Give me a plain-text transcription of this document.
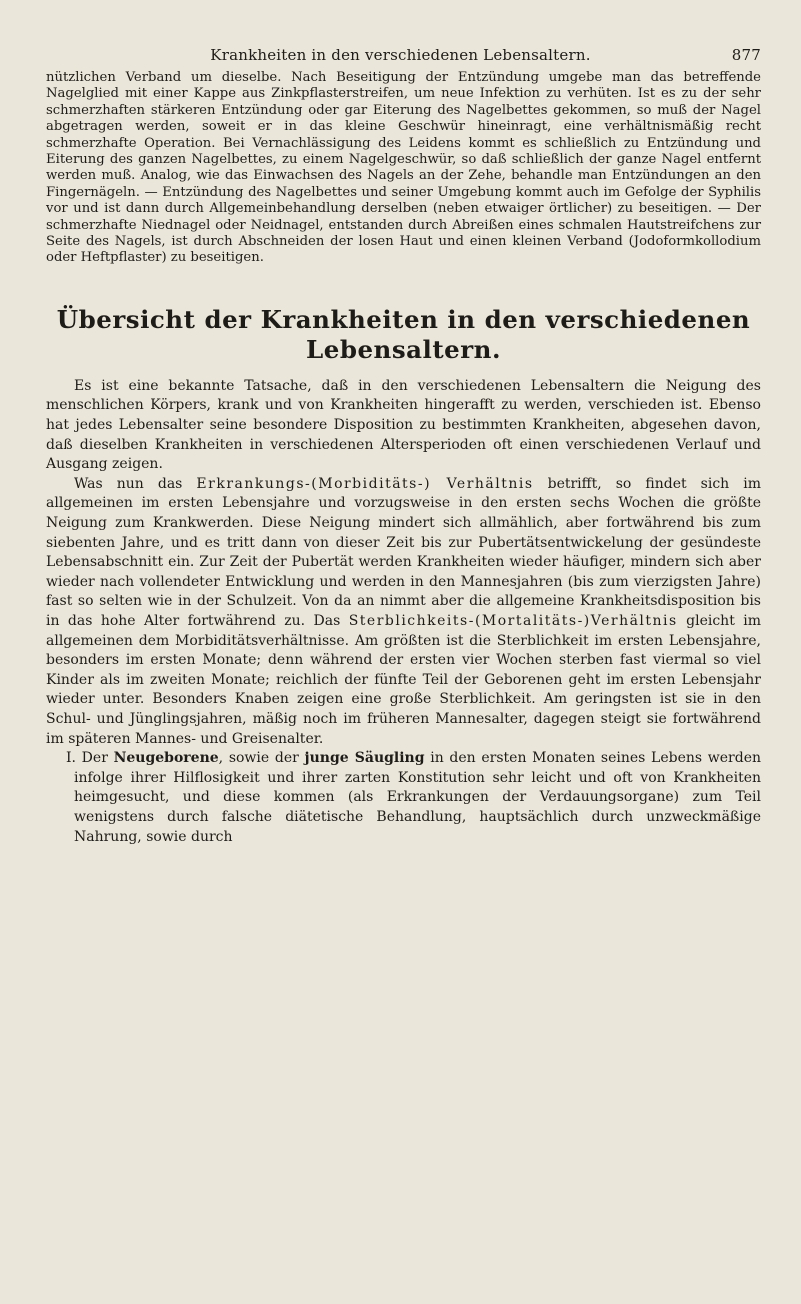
Krankheiten in den verschiedenen Lebensaltern.	877

nützlichen Verband um dieselbe. Nach Beseitigung der Entzündung umgebe man das betreffende Nagelglied mit einer Kappe aus Zinkpflasterstreifen, um neue Infektion zu verhüten. Ist es zu der sehr schmerzhaften stärkeren Entzündung oder gar Eiterung des Nagelbettes gekommen, so muß der Nagel abgetragen werden, soweit er in das kleine Geschwür hineinragt, eine verhältnismäßig recht schmerzhafte Operation. Bei Vernachlässigung des Leidens kommt es schließlich zu Entzündung und Eiterung des ganzen Nagelbettes, zu einem Nagelgeschwür, so daß schließlich der ganze Nagel entfernt werden muß. Analog, wie das Einwachsen des Nagels an der Zehe, behandle man Entzündungen an den Fingernägeln. — Entzündung des Nagelbettes und seiner Umgebung kommt auch im Gefolge der Syphilis vor und ist dann durch Allgemeinbehandlung derselben (neben etwaiger örtlicher) zu beseitigen. — Der schmerzhafte Niednagel oder Neidnagel, entstanden durch Abreißen eines schmalen Hautstreifchens zur Seite des Nagels, ist durch Abschneiden der losen Haut und einen kleinen Verband (Jodoformkollodium oder Heftpflaster) zu beseitigen.

Übersicht der Krankheiten in den verschiedenen
Lebensaltern.

Es ist eine bekannte Tatsache, daß in den verschiedenen Lebensaltern die Neigung des menschlichen Körpers, krank und von Krankheiten hingerafft zu werden, verschieden ist. Ebenso hat jedes Lebensalter seine besondere Disposition zu bestimmten Krankheiten, abgesehen davon, daß dieselben Krankheiten in verschiedenen Altersperioden oft einen verschiedenen Verlauf und Ausgang zeigen.

Was nun das Erkrankungs-(Morbiditäts-) Verhältnis betrifft, so findet sich im allgemeinen im ersten Lebensjahre und vorzugsweise in den ersten sechs Wochen die größte Neigung zum Krankwerden. Diese Neigung mindert sich allmählich, aber fortwährend bis zum siebenten Jahre, und es tritt dann von dieser Zeit bis zur Pubertätsentwickelung der gesündeste Lebensabschnitt ein. Zur Zeit der Pubertät werden Krankheiten wieder häufiger, mindern sich aber wieder nach vollendeter Entwicklung und werden in den Mannesjahren (bis zum vierzigsten Jahre) fast so selten wie in der Schulzeit. Von da an nimmt aber die allgemeine Krankheitsdisposition bis in das hohe Alter fortwährend zu. Das Sterblichkeits-(Mortalitäts-)Verhältnis gleicht im allgemeinen dem Morbiditätsverhältnisse. Am größten ist die Sterblichkeit im ersten Lebensjahre, besonders im ersten Monate; denn während der ersten vier Wochen sterben fast viermal so viel Kinder als im zweiten Monate; reichlich der fünfte Teil der Geborenen geht im ersten Lebensjahr wieder unter. Besonders Knaben zeigen eine große Sterblichkeit. Am geringsten ist sie in den Schul- und Jünglingsjahren, mäßig noch im früheren Mannesalter, dagegen steigt sie fortwährend im späteren Mannes- und Greisenalter.

I. Der Neugeborene, sowie der junge Säugling in den ersten Monaten seines Lebens werden infolge ihrer Hilflosigkeit und ihrer zarten Konstitution sehr leicht und oft von Krankheiten heimgesucht, und diese kommen (als Erkrankungen der Verdauungsorgane) zum Teil wenigstens durch falsche diätetische Behandlung, hauptsächlich durch unzweckmäßige Nahrung, sowie durch
